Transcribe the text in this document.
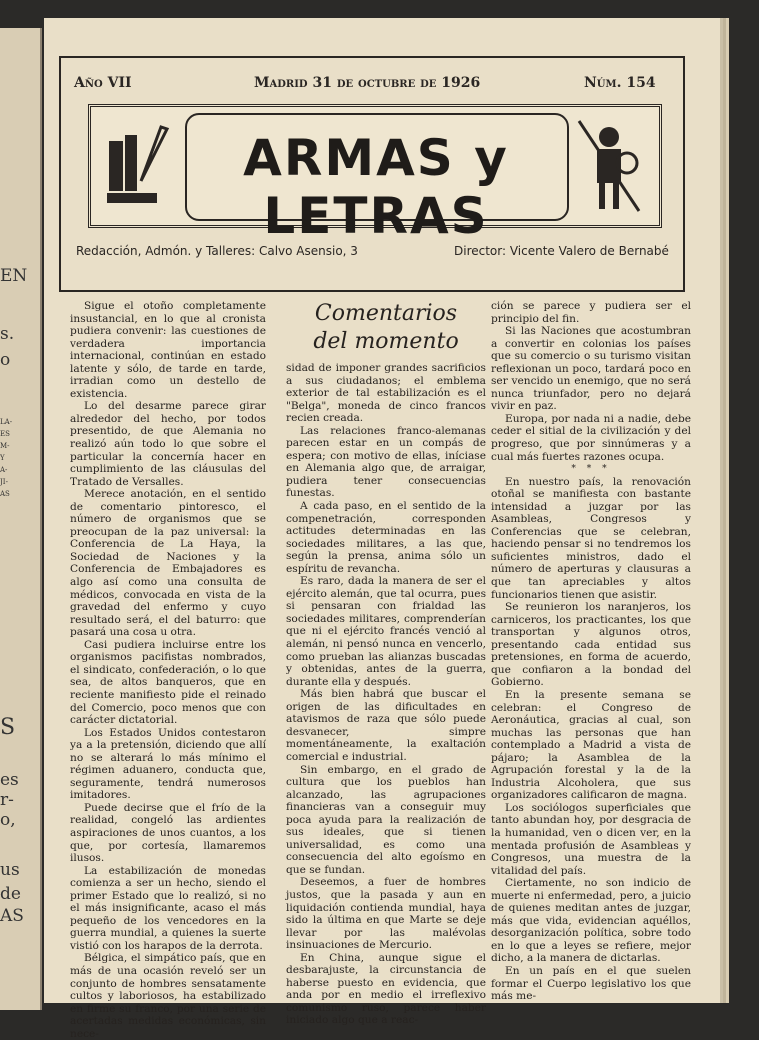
EN
s.
o
LA-
ES
M-
Y
A-
JI-
AS
S
es
r-
o,
us
de
AS
Año VII	Madrid 31 de octubre de 1926	Núm. 154
ARMAS y LETRAS
Redacción, Admón. y Talleres: Calvo Asensio, 3	Director: Vicente Valero de Bernabé

Sigue el otoño completamente insustancial, en lo que al cronista pudiera convenir: las cuestiones de verdadera importancia internacional, continúan en estado latente y sólo, de tarde en tarde, irradian como un destello de existencia.

Lo del desarme parece girar alrededor del hecho, por todos presentido, de que Alemania no realizó aún todo lo que sobre el particular la concernía hacer en cumplimiento de las cláusulas del Tratado de Versalles.

Merece anotación, en el sentido de comentario pintoresco, el número de organismos que se preocupan de la paz universal: la Conferencia de La Haya, la Sociedad de Naciones y la Conferencia de Embajadores es algo así como una consulta de médicos, convocada en vista de la gravedad del enfermo y cuyo resultado será, el del baturro: que pasará una cosa u otra.

Casi pudiera incluirse entre los organismos pacifistas nombrados, el sindicato, confederación, o lo que sea, de altos banqueros, que en reciente manifiesto pide el reinado del Comercio, poco menos que con carácter dictatorial.

Los Estados Unidos contestaron ya a la pretensión, diciendo que allí no se alterará lo más mínimo el régimen aduanero, conducta que, seguramente, tendrá numerosos imitadores.

Puede decirse que el frío de la realidad, congeló las ardientes aspiraciones de unos cuantos, a los que, por cortesía, llamaremos ilusos.

La estabilización de monedas comienza a ser un hecho, siendo el primer Estado que lo realizó, si no el más insignificante, acaso el más pequeño de los vencedores en la guerra mundial, a quienes la suerte vistió con los harapos de la derrota.

Bélgica, el simpático país, que en más de una ocasión reveló ser un conjunto de hombres sensatamente cultos y laboriosos, ha estabilizado en firme su franco, por una serie de acertadas medidas económicas, sin nece-

Comentarios
del momento

sidad de imponer grandes sacrificios a sus ciudadanos; el emblema exterior de tal estabilización es el "Belga", moneda de cinco francos recien creada.

Las relaciones franco-alemanas parecen estar en un compás de espera; con motivo de ellas, iníciase en Alemania algo que, de arraigar, pudiera tener consecuencias funestas.

A cada paso, en el sentido de la compenetración, corresponden actitudes determinadas en las sociedades militares, a las que, según la prensa, anima sólo un espíritu de revancha.

Es raro, dada la manera de ser el ejército alemán, que tal ocurra, pues si pensaran con frialdad las sociedades militares, comprenderían que ni el ejército francés venció al alemán, ni pensó nunca en vencerlo, como prueban las alianzas buscadas y obtenidas, antes de la guerra, durante ella y después.

Más bien habrá que buscar el origen de las dificultades en atavismos de raza que sólo puede desvanecer, simpre momentáneamente, la exaltación comercial e industrial.

Sin embargo, en el grado de cultura que los pueblos han alcanzado, las agrupaciones financieras van a conseguir muy poca ayuda para la realización de sus ideales, que si tienen universalidad, es como una consecuencia del alto egoísmo en que se fundan.

Deseemos, a fuer de hombres justos, que la pasada y aun en liquidación contienda mundial, haya sido la última en que Marte se deje llevar por las malévolas insinuaciones de Mercurio.

En China, aunque sigue el desbarajuste, la circunstancia de haberse puesto en evidencia, que anda por en medio el irreflexivo comunismo ruso, parece haber iniciado algo que a reac-

ción se parece y pudiera ser el principio del fin.

Si las Naciones que acostumbran a convertir en colonias los países que su comercio o su turismo visitan reflexionan un poco, tardará poco en ser vencido un enemigo, que no será nunca triunfador, pero no dejará vivir en paz.

Europa, por nada ni a nadie, debe ceder el sitial de la civilización y del progreso, que por sinnúmeras y a cual más fuertes razones ocupa.

* * *

En nuestro país, la renovación otoñal se manifiesta con bastante intensidad a juzgar por las Asambleas, Congresos y Conferencias que se celebran, haciendo pensar si no tendremos los suficientes ministros, dado el número de aperturas y clausuras a que tan apreciables y altos funcionarios tienen que asistir.

Se reunieron los naranjeros, los carniceros, los practicantes, los que transportan y algunos otros, presentando cada entidad sus pretensiones, en forma de acuerdo, que confiaron a la bondad del Gobierno.

En la presente semana se celebran: el Congreso de Aeronáutica, gracias al cual, son muchas las personas que han contemplado a Madrid a vista de pájaro; la Asamblea de la Agrupación forestal y la de la Industria Alcoholera, que sus organizadores calificaron de magna.

Los sociólogos superficiales que tanto abundan hoy, por desgracia de la humanidad, ven o dicen ver, en la mentada profusión de Asambleas y Congresos, una muestra de la vitalidad del país.

Ciertamente, no son indicio de muerte ni enfermedad, pero, a juicio de quienes meditan antes de juzgar, más que vida, evidencian aquéllos, desorganización política, sobre todo en lo que a leyes se refiere, mejor dicho, a la manera de dictarlas.

En un país en el que suelen formar el Cuerpo legislativo los que más me-
